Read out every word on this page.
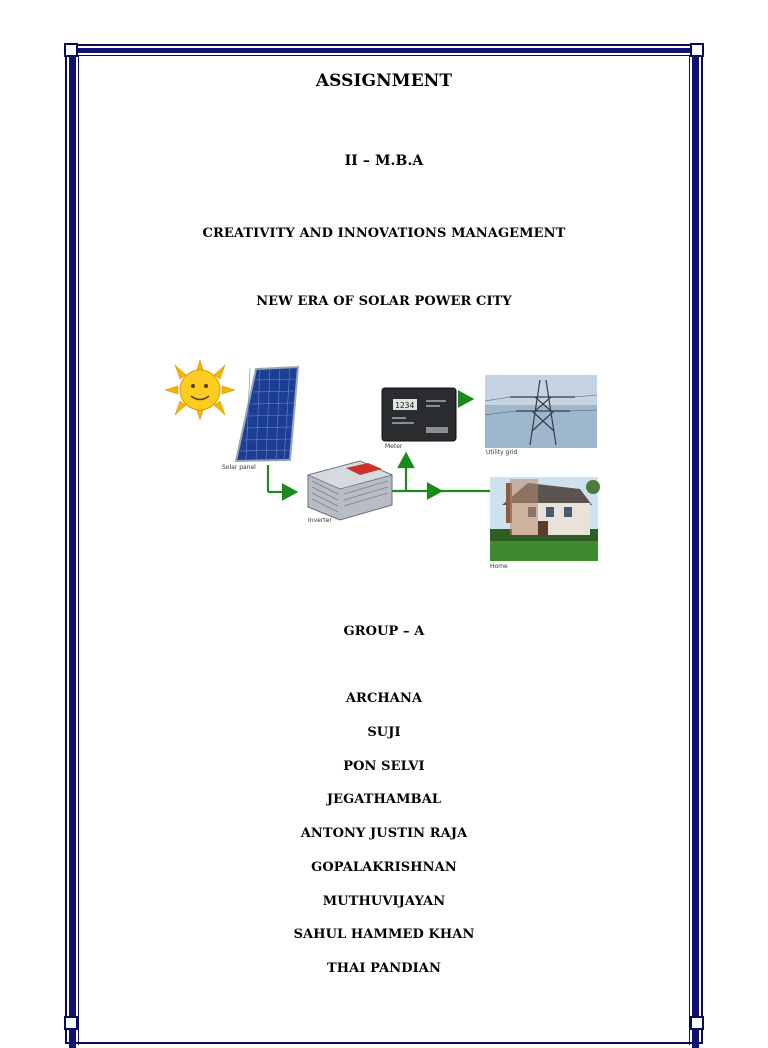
ASSIGNMENT
II – M.B.A
CREATIVITY AND INNOVATIONS MANAGEMENT
NEW ERA OF SOLAR POWER CITY
1234
Solar panel
Inverter
Meter
Utility grid
Home
GROUP – A
ARCHANA
SUJI
PON SELVI
JEGATHAMBAL
ANTONY JUSTIN RAJA
GOPALAKRISHNAN
MUTHUVIJAYAN
SAHUL HAMMED KHAN
THAI PANDIAN
